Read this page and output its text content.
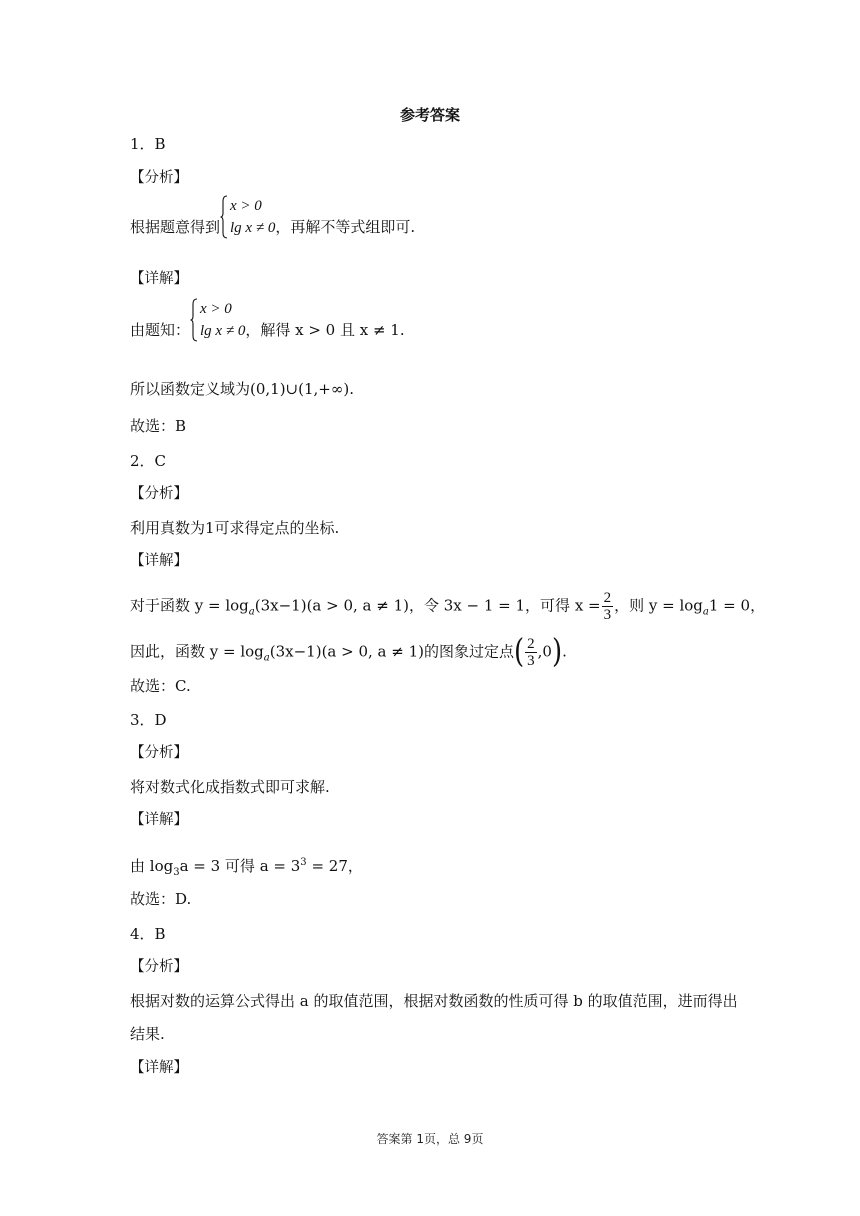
参考答案
1．B
【分析】
根据题意得到
x > 0
lg x ≠ 0，再解不等式组即可.
【详解】
由题知：
x > 0
lg x ≠ 0，解得 x > 0 且 x ≠ 1.
所以函数定义域为(0,1)∪(1,+∞).
故选：B
2．C
【分析】
利用真数为1可求得定点的坐标.
【详解】
对于函数 $y = \log_a(3x-1)(a > 0$, a ≠ 1)，令 3x − 1 = 1，可得 $x = \frac{2}{3}$ ，则 $y = \log_a1 = 0$，
因此，函数 $y = \log_a(3x-1)(a > 0$, a ≠ 1)的图象过定点( $\frac{2}{3} ,0$).
故选：C.
3．D
【分析】
将对数式化成指数式即可求解.
【详解】
由 $\log_3a = 3$ 可得 $a = 3^3 = 27$，
故选：D.
4．B
【分析】
根据对数的运算公式得出 a 的取值范围，根据对数函数的性质可得 b 的取值范围，进而得出
结果.
【详解】
答案第 1页，总 9页
